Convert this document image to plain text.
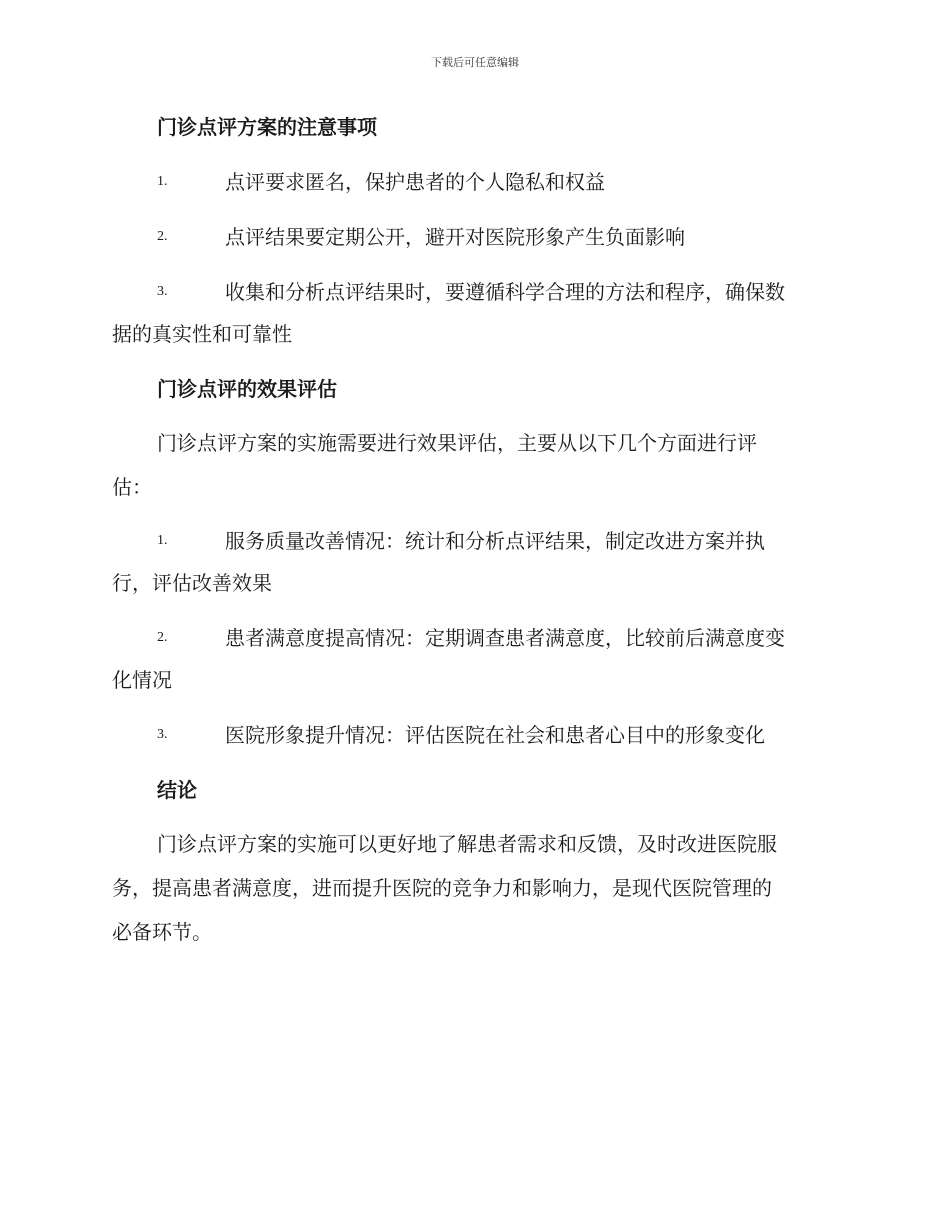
下载后可任意编辑
门诊点评方案的注意事项
1.	点评要求匿名，保护患者的个人隐私和权益
2.	点评结果要定期公开，避开对医院形象产生负面影响
3.	收集和分析点评结果时，要遵循科学合理的方法和程序，确保数
据的真实性和可靠性
门诊点评的效果评估
门诊点评方案的实施需要进行效果评估，主要从以下几个方面进行评
估：
1.	服务质量改善情况：统计和分析点评结果，制定改进方案并执
行，评估改善效果
2.	患者满意度提高情况：定期调查患者满意度，比较前后满意度变
化情况
3.	医院形象提升情况：评估医院在社会和患者心目中的形象变化
结论
门诊点评方案的实施可以更好地了解患者需求和反馈，及时改进医院服
务，提高患者满意度，进而提升医院的竞争力和影响力，是现代医院管理的
必备环节。
